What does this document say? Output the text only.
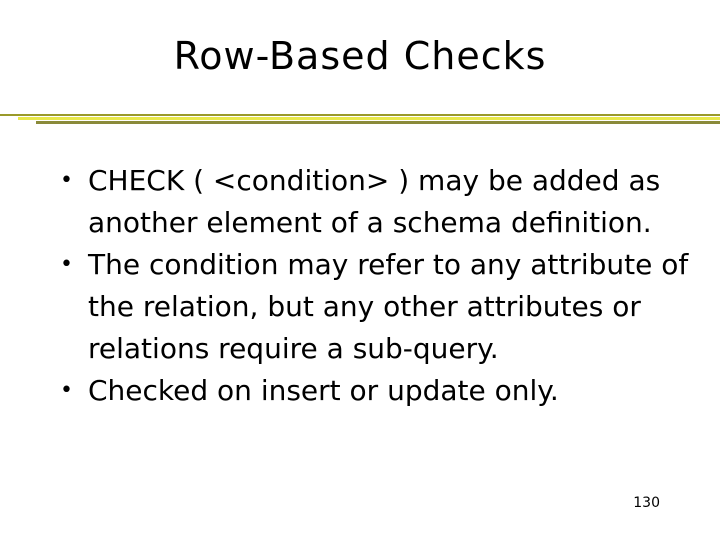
Row-Based Checks
• CHECK ( <condition> ) may be added as another element of a schema definition.
• The condition may refer to any attribute of the relation, but any other attributes or relations require a sub-query.
• Checked on insert or update only.
130
